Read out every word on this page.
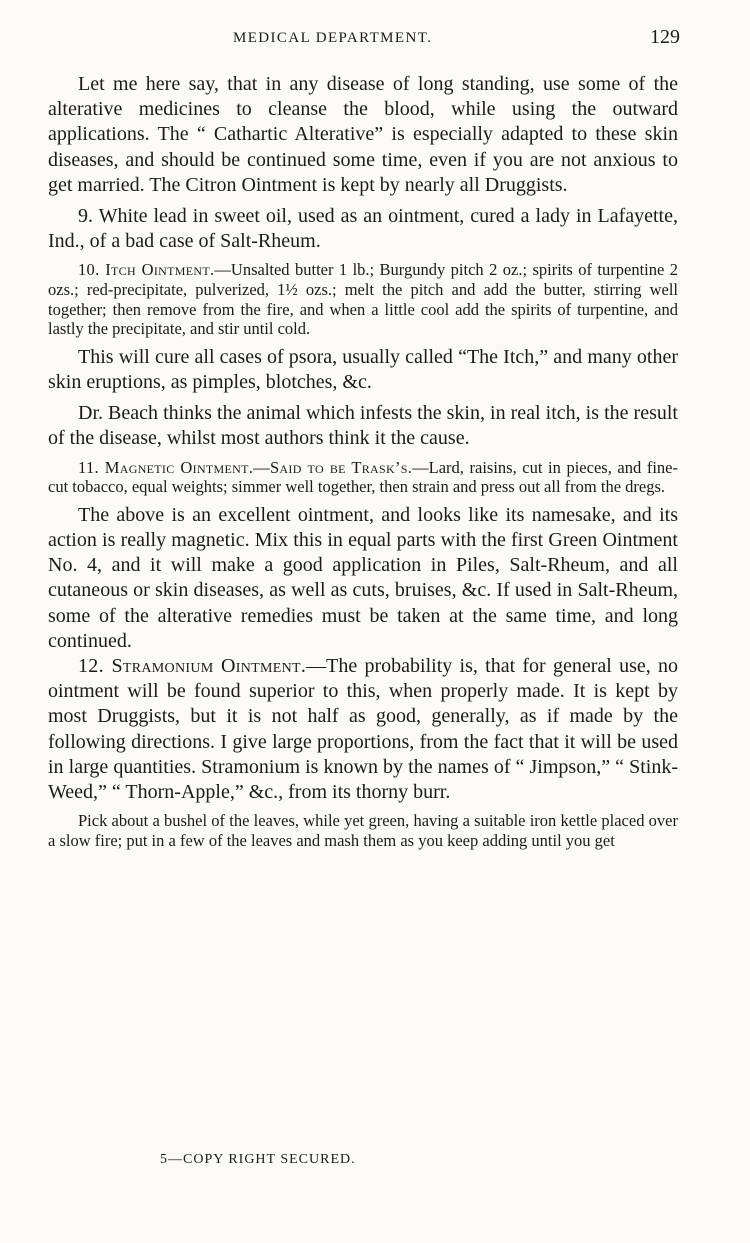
MEDICAL DEPARTMENT.	129

Let me here say, that in any disease of long standing, use some of the alterative medicines to cleanse the blood, while using the outward applications. The “ Cathartic Alterative” is especially adapted to these skin diseases, and should be continued some time, even if you are not anxious to get married. The Citron Ointment is kept by nearly all Druggists.

9. White lead in sweet oil, used as an ointment, cured a lady in Lafayette, Ind., of a bad case of Salt-Rheum.

10. Itch Ointment.—Unsalted butter 1 lb.; Burgundy pitch 2 oz.; spirits of turpentine 2 ozs.; red-precipitate, pulverized, 1½ ozs.; melt the pitch and add the butter, stirring well together; then remove from the fire, and when a little cool add the spirits of turpentine, and lastly the precipitate, and stir until cold.

This will cure all cases of psora, usually called “The Itch,” and many other skin eruptions, as pimples, blotches, &c.

Dr. Beach thinks the animal which infests the skin, in real itch, is the result of the disease, whilst most authors think it the cause.

11. Magnetic Ointment.—Said to be Trask’s.—Lard, raisins, cut in pieces, and fine-cut tobacco, equal weights; simmer well together, then strain and press out all from the dregs.

The above is an excellent ointment, and looks like its namesake, and its action is really magnetic. Mix this in equal parts with the first Green Ointment No. 4, and it will make a good application in Piles, Salt-Rheum, and all cutaneous or skin diseases, as well as cuts, bruises, &c. If used in Salt-Rheum, some of the alterative remedies must be taken at the same time, and long continued.

12. Stramonium Ointment.—The probability is, that for general use, no ointment will be found superior to this, when properly made. It is kept by most Druggists, but it is not half as good, generally, as if made by the following directions. I give large proportions, from the fact that it will be used in large quantities. Stramonium is known by the names of “ Jimpson,” “ Stink-Weed,” “ Thorn-Apple,” &c., from its thorny burr.

Pick about a bushel of the leaves, while yet green, having a suitable iron kettle placed over a slow fire; put in a few of the leaves and mash them as you keep adding until you get

5—COPY RIGHT SECURED.
